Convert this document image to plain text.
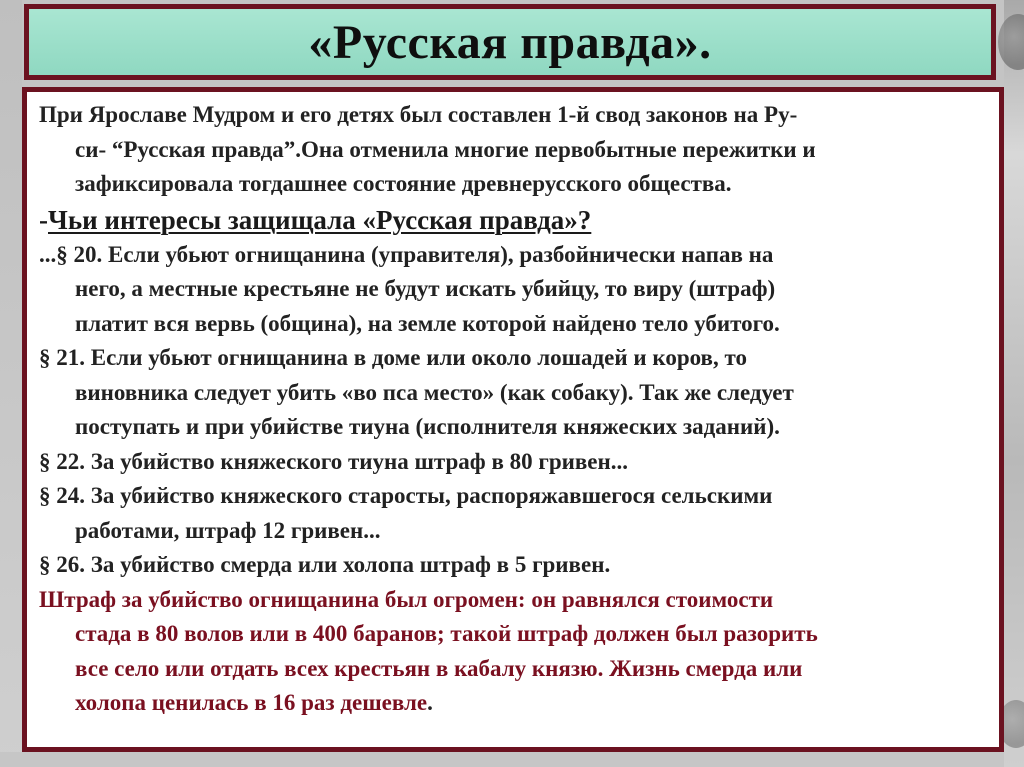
«Русская правда».

При Ярославе Мудром и его детях был составлен 1-й свод законов на Ру-
си- “Русская правда”.Она отменила многие первобытные пережитки и
зафиксировала тогдашнее состояние древнерусского общества.

-Чьи интересы защищала «Русская правда»?

...§ 20. Если убьют огнищанина (управителя), разбойнически напав на
него, а местные крестьяне не будут искать убийцу, то виру (штраф)
платит вся вервь (община), на земле которой найдено тело убитого.

§ 21. Если убьют огнищанина в доме или около лошадей и коров, то
виновника следует убить «во пса место» (как собаку). Так же следует
поступать и при убийстве тиуна (исполнителя княжеских заданий).

§ 22. За убийство княжеского тиуна штраф в 80 гривен...

§ 24. За убийство княжеского старосты, распоряжавшегося сельскими
работами, штраф 12 гривен...

§ 26. За убийство смерда или холопа штраф в 5 гривен.

Штраф за убийство огнищанина был огромен: он равнялся стоимости
стада в 80 волов или в 400 баранов; такой штраф должен был разорить
все село или отдать всех крестьян в кабалу князю. Жизнь смерда или
холопа ценилась в 16 раз дешевле.
